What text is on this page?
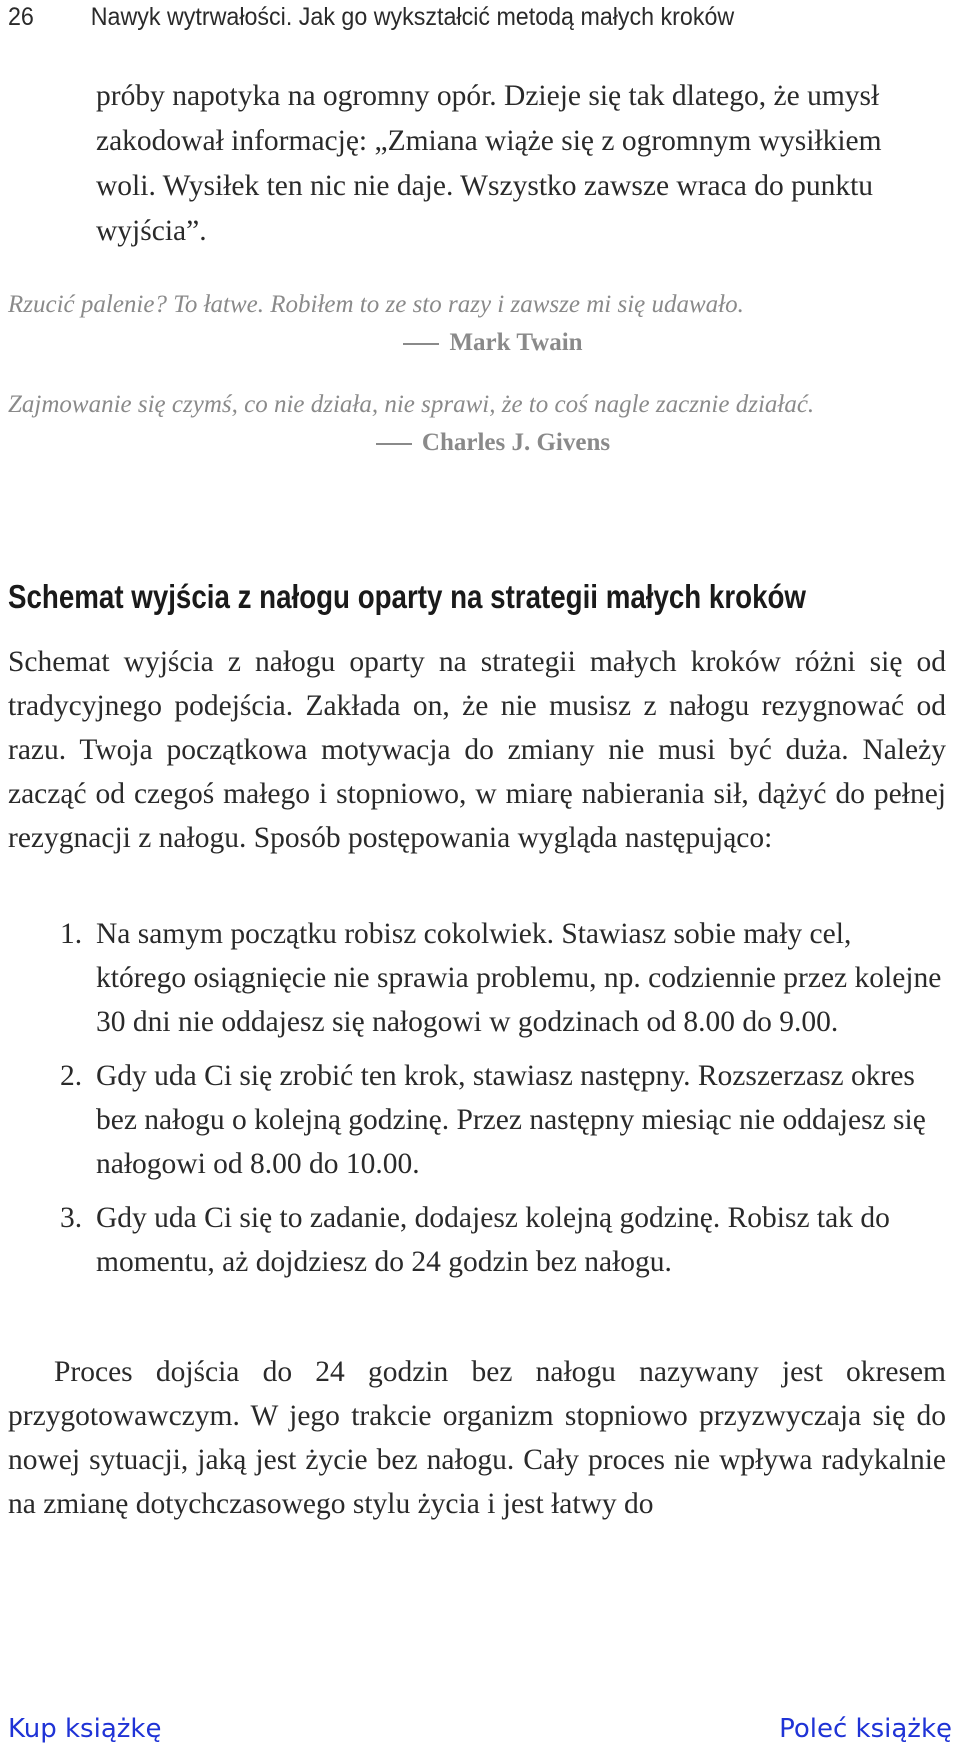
26 Nawyk wytrwałości. Jak go wykształcić metodą małych kroków

próby napotyka na ogromny opór. Dzieje się tak dlatego, że umysł zakodował informację: „Zmiana wiąże się z ogromnym wysiłkiem woli. Wysiłek ten nic nie daje. Wszystko zawsze wraca do punktu wyjścia”.

Rzucić palenie? To łatwe. Robiłem to ze sto razy i zawsze mi się udawało.
Mark Twain
Zajmowanie się czymś, co nie działa, nie sprawi, że to coś nagle zacznie działać.
Charles J. Givens
Schemat wyjścia z nałogu oparty na strategii małych kroków

Schemat wyjścia z nałogu oparty na strategii małych kroków różni się od tradycyjnego podejścia. Zakłada on, że nie musisz z nałogu rezygnować od razu. Twoja początkowa motywacja do zmiany nie musi być duża. Należy zacząć od czegoś małego i stopniowo, w miarę nabierania sił, dążyć do pełnej rezygnacji z nałogu. Sposób postępowania wygląda następująco:

1. Na samym początku robisz cokolwiek. Stawiasz sobie mały cel, którego osiągnięcie nie sprawia problemu, np. codziennie przez kolejne 30 dni nie oddajesz się nałogowi w godzinach od 8.00 do 9.00.
2. Gdy uda Ci się zrobić ten krok, stawiasz następny. Rozszerzasz okres bez nałogu o kolejną godzinę. Przez następny miesiąc nie oddajesz się nałogowi od 8.00 do 10.00.
3. Gdy uda Ci się to zadanie, dodajesz kolejną godzinę. Robisz tak do momentu, aż dojdziesz do 24 godzin bez nałogu.

Proces dojścia do 24 godzin bez nałogu nazywany jest okresem przygotowawczym. W jego trakcie organizm stopniowo przyzwyczaja się do nowej sytuacji, jaką jest życie bez nałogu. Cały proces nie wpływa radykalnie na zmianę dotychczasowego stylu życia i jest łatwy do

Kup książkę	Poleć książkę
